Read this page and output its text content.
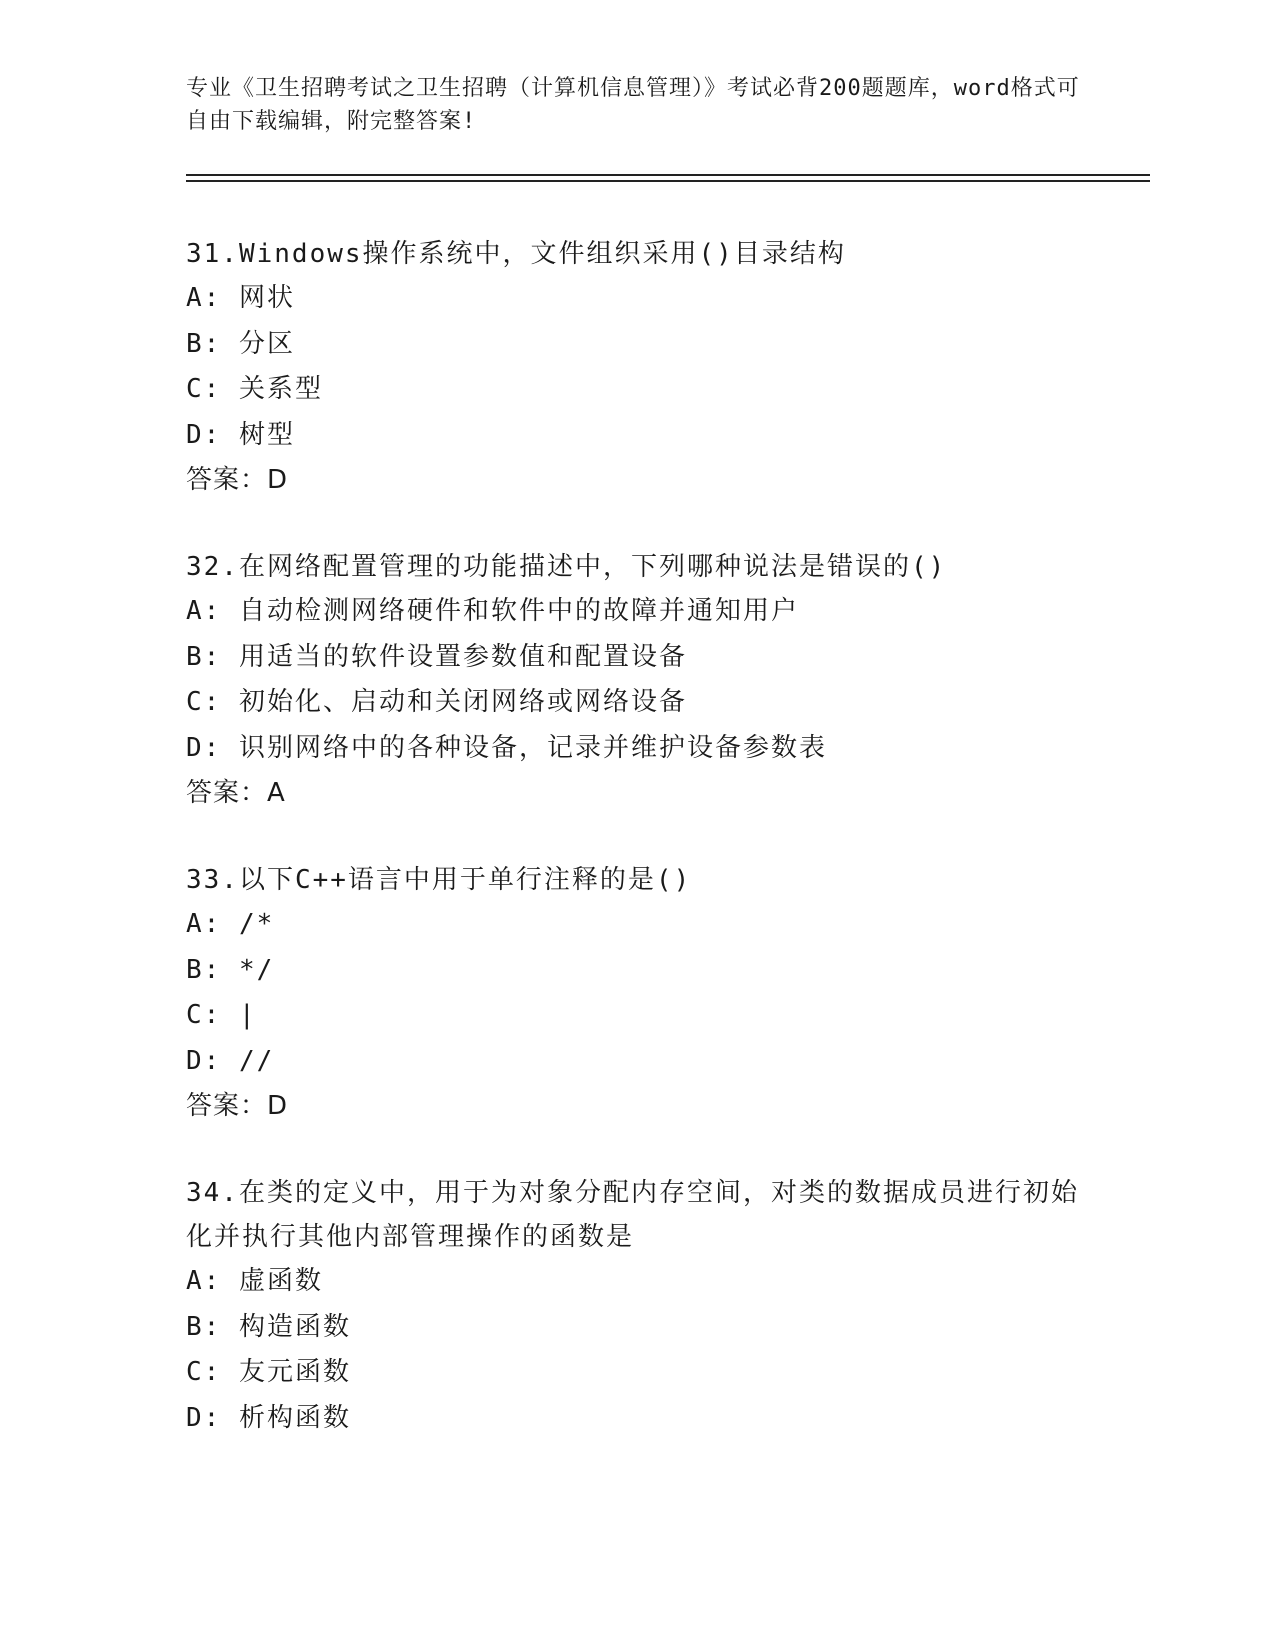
专业《卫生招聘考试之卫生招聘（计算机信息管理）》考试必背200题题库，word格式可自由下载编辑，附完整答案!
31.Windows操作系统中，文件组织采用()目录结构
A: 网状
B: 分区
C: 关系型
D: 树型
答案：D
32.在网络配置管理的功能描述中，下列哪种说法是错误的()
A: 自动检测网络硬件和软件中的故障并通知用户
B: 用适当的软件设置参数值和配置设备
C: 初始化、启动和关闭网络或网络设备
D: 识别网络中的各种设备，记录并维护设备参数表
答案：A
33.以下C++语言中用于单行注释的是()
A: /*
B: */
C: |
D: //
答案：D
34.在类的定义中，用于为对象分配内存空间，对类的数据成员进行初始化并执行其他内部管理操作的函数是
A: 虚函数
B: 构造函数
C: 友元函数
D: 析构函数
